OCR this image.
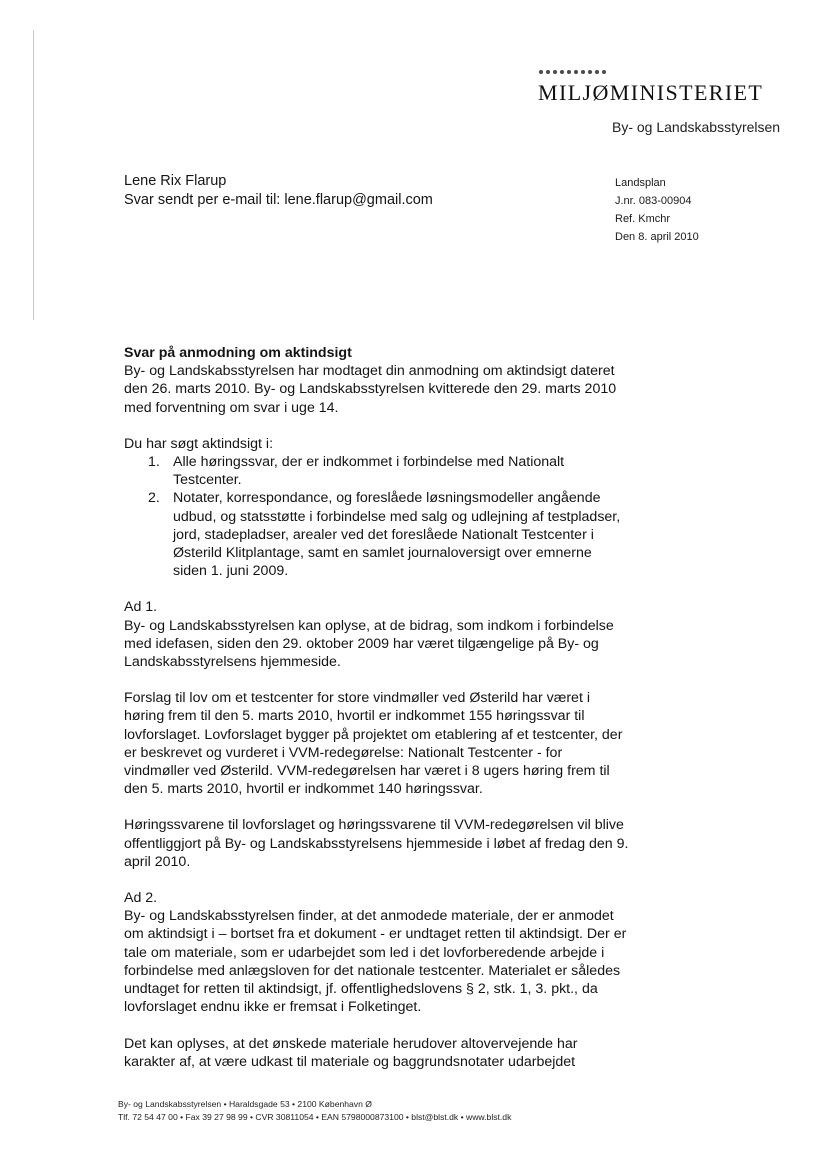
MILJØMINISTERIET
By- og Landskabsstyrelsen
Lene Rix Flarup
Svar sendt per e-mail til: lene.flarup@gmail.com
Landsplan
J.nr. 083-00904
Ref. Kmchr
Den 8. april 2010

Svar på anmodning om aktindsigt

By- og Landskabsstyrelsen har modtaget din anmodning om aktindsigt dateret den 26. marts 2010. By- og Landskabsstyrelsen kvitterede den 29. marts 2010 med forventning om svar i uge 14.

Du har søgt aktindsigt i:

1. Alle høringssvar, der er indkommet i forbindelse med Nationalt Testcenter.
2. Notater, korrespondance, og foreslåede løsningsmodeller angående udbud, og statsstøtte i forbindelse med salg og udlejning af testpladser, jord, stadepladser, arealer ved det foreslåede Nationalt Testcenter i Østerild Klitplantage, samt en samlet journaloversigt over emnerne siden 1. juni 2009.

Ad 1.

By- og Landskabsstyrelsen kan oplyse, at de bidrag, som indkom i forbindelse med idefasen, siden den 29. oktober 2009 har været tilgængelige på By- og Landskabsstyrelsens hjemmeside.

Forslag til lov om et testcenter for store vindmøller ved Østerild har været i høring frem til den 5. marts 2010, hvortil er indkommet 155 høringssvar til lovforslaget. Lovforslaget bygger på projektet om etablering af et testcenter, der er beskrevet og vurderet i VVM-redegørelse: Nationalt Testcenter - for vindmøller ved Østerild. VVM-redegørelsen har været i 8 ugers høring frem til den 5. marts 2010, hvortil er indkommet 140 høringssvar.

Høringssvarene til lovforslaget og høringssvarene til VVM-redegørelsen vil blive offentliggjort på By- og Landskabsstyrelsens hjemmeside i løbet af fredag den 9. april 2010.

Ad 2.

By- og Landskabsstyrelsen finder, at det anmodede materiale, der er anmodet om aktindsigt i – bortset fra et dokument - er undtaget retten til aktindsigt. Der er tale om materiale, som er udarbejdet som led i det lovforberedende arbejde i forbindelse med anlægsloven for det nationale testcenter. Materialet er således undtaget for retten til aktindsigt, jf. offentlighedslovens § 2, stk. 1, 3. pkt., da lovforslaget endnu ikke er fremsat i Folketinget.

Det kan oplyses, at det ønskede materiale herudover altovervejende har karakter af, at være udkast til materiale og baggrundsnotater udarbejdet

By- og Landskabsstyrelsen • Haraldsgade 53 • 2100 København Ø
Tlf. 72 54 47 00 • Fax 39 27 98 99 • CVR 30811054 • EAN 5798000873100 • blst@blst.dk • www.blst.dk
